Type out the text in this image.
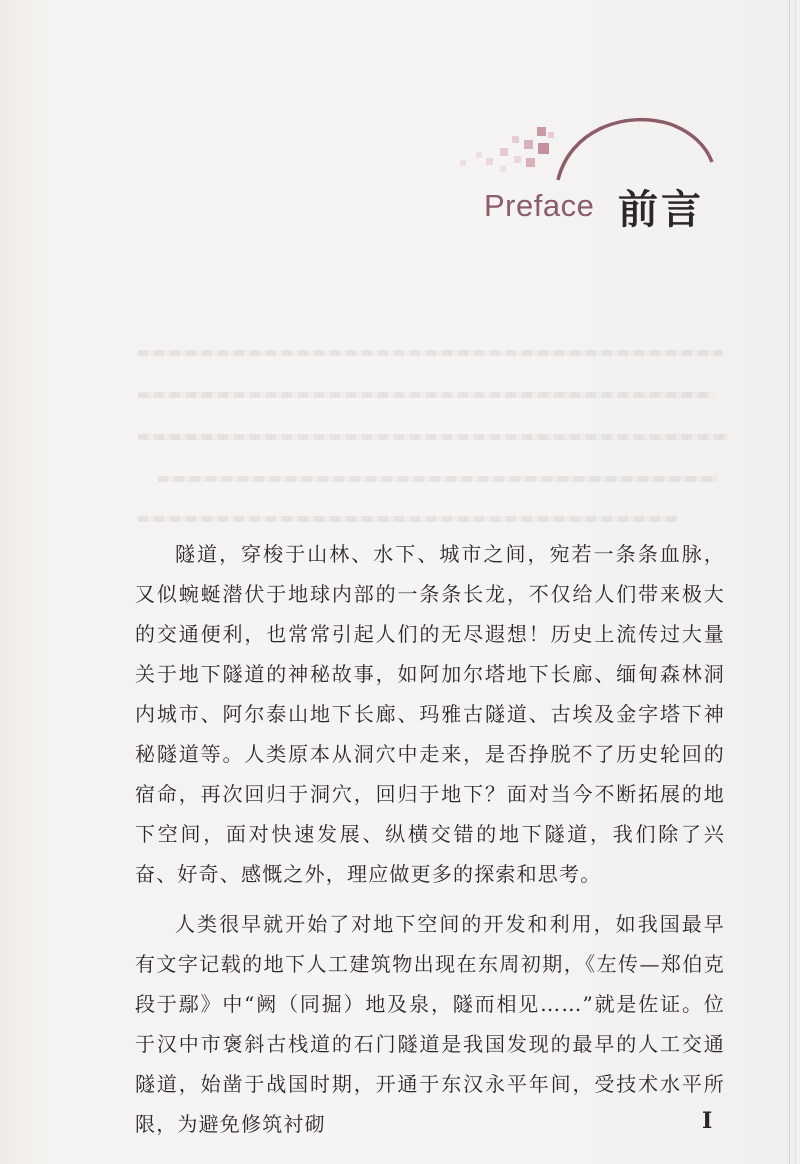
Preface 前言

隧道，穿梭于山林、水下、城市之间，宛若一条条血脉，又似蜿蜒潜伏于地球内部的一条条长龙，不仅给人们带来极大的交通便利，也常常引起人们的无尽遐想！历史上流传过大量关于地下隧道的神秘故事，如阿加尔塔地下长廊、缅甸森林洞内城市、阿尔泰山地下长廊、玛雅古隧道、古埃及金字塔下神秘隧道等。人类原本从洞穴中走来，是否挣脱不了历史轮回的宿命，再次回归于洞穴，回归于地下？面对当今不断拓展的地下空间，面对快速发展、纵横交错的地下隧道，我们除了兴奋、好奇、感慨之外，理应做更多的探索和思考。

人类很早就开始了对地下空间的开发和利用，如我国最早有文字记载的地下人工建筑物出现在东周初期，《左传—郑伯克段于鄢》中“阙（同掘）地及泉，隧而相见……”就是佐证。位于汉中市褒斜古栈道的石门隧道是我国发现的最早的人工交通隧道，始凿于战国时期，开通于东汉永平年间，受技术水平所限，为避免修筑衬砌	I
